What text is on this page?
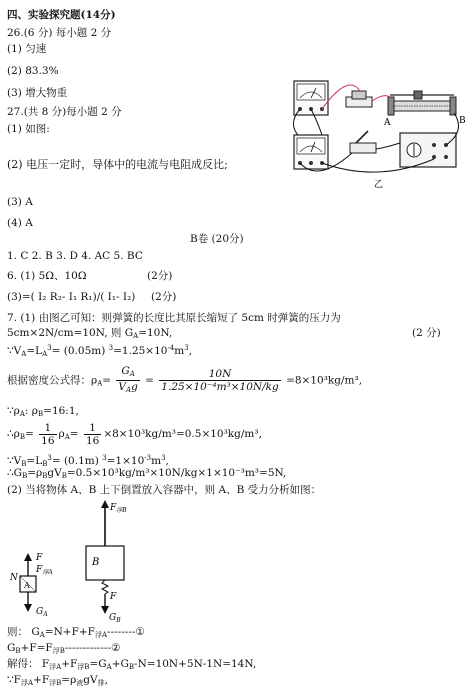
四、实验探究题(14分)
26.(6 分) 每小题 2 分
(1) 匀速
(2) 83.3%
(3) 增大物重
27.(共 8 分)每小题 2 分
(1) 如图:
(2) 电压一定时，导体中的电流与电阻成反比;
(3) A
(4) A
A	B
乙
B卷 (20分)
1. C 2. B 3. D 4. AC 5. BC
6. (1) 5Ω、10Ω	(2分)
(3)=( I₂ R₂- I₁ R₁)/( I₁- I₂) (2分)
7. (1) 由图乙可知：则弹簧的长度比其原长缩短了 5cm 时弹簧的压力为
5cm×2N/cm=10N, 则 $G_A=10N$,	(2 分)
$\because V_A=L_A^3= (0.05m)$ $^3=1.25\times 10^{-4}m^3$,
根据密度公式得：$\rho_A= \frac{G_A}{V_Ag} = \frac{10N}{\text{1.25×10⁻⁴m³×10N/kg}} =8\times 10^3kg/m^3$,
$\because\rho_A$: $\rho_B=16:1$,
$\therefore\rho_B= \frac{1}{16} \rho_A= \frac{1}{16} \times 8\times 10^3kg/m^3=0.5\times 10^3kg/m^3$,
$\because V_B=L_B^3= (0.1m)$ $^3=1\times 10^{-3}m^3$,
$\therefore G_B=\rho_BgV_B=0.5\times 10^3kg/m^3\times 10N/kg\times 1\times 10^{-3}m^3=5N$,
(2) 当将物体 A、B 上下倒置放入容器中，则 A、B 受力分析如图：
B
$F_{浮B}$
F
$G_B$
F
$F_{浮A}$
N
A
$G_A$
则： $G_A=N+F+F_{浮A}--------①$
$G_B+F=F_{浮B}-------------②$
解得： $F_{浮A}+F_{浮B}=G_A+G_B-N=10N+5N-1N=14N$,
$\because F_{浮A}+F_{浮B}=\rho_液gV_排$,
